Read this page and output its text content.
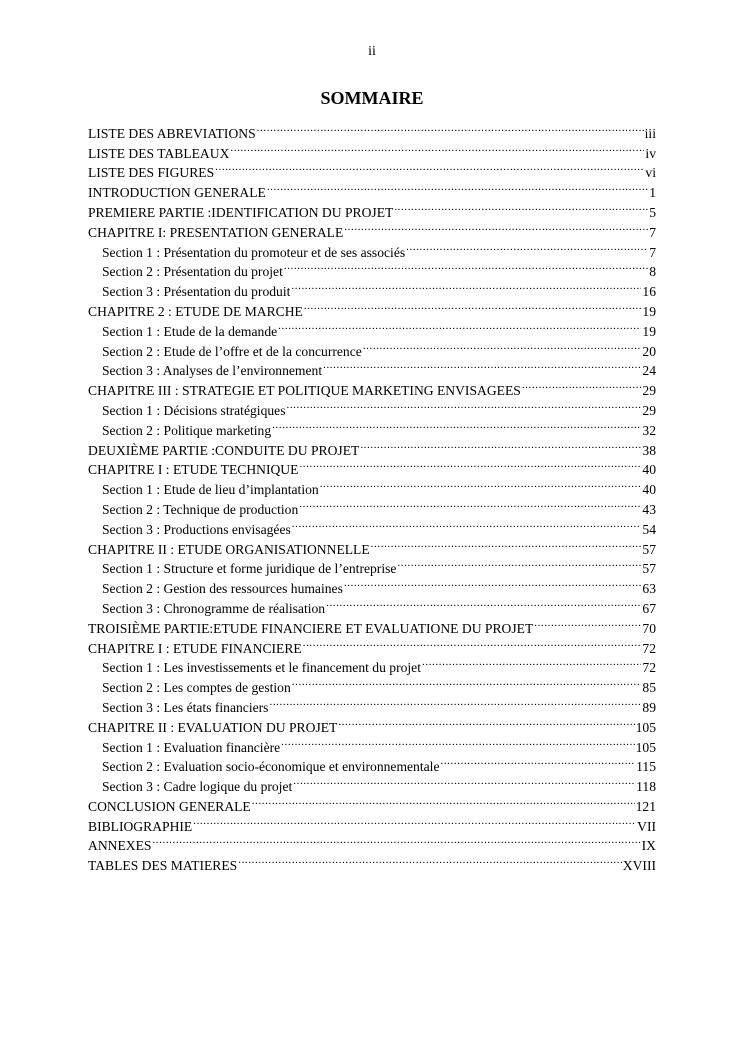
ii
SOMMAIRE
LISTE DES ABREVIATIONS .....	iii
LISTE DES TABLEAUX .....	iv
LISTE DES FIGURES .....	vi
INTRODUCTION GENERALE .....	1
PREMIERE PARTIE :IDENTIFICATION DU PROJET .....	5
CHAPITRE I: PRESENTATION GENERALE .....	7
Section 1 : Présentation du promoteur et de ses associés .....	7
Section 2 : Présentation du projet .....	8
Section 3 : Présentation du produit .....	16
CHAPITRE 2 : ETUDE DE MARCHE .....	19
Section 1 : Etude de la demande .....	19
Section 2 : Etude de l’offre et de la concurrence .....	20
Section 3 : Analyses de l’environnement .....	24
CHAPITRE III : STRATEGIE ET POLITIQUE MARKETING ENVISAGEES .....	29
Section 1 : Décisions stratégiques .....	29
Section 2 : Politique marketing .....	32
DEUXIÈME PARTIE :CONDUITE DU PROJET .....	38
CHAPITRE I : ETUDE TECHNIQUE .....	40
Section 1 : Etude de lieu d’implantation .....	40
Section 2 : Technique de production .....	43
Section 3 : Productions envisagées .....	54
CHAPITRE II : ETUDE ORGANISATIONNELLE .....	57
Section 1 : Structure et forme juridique de l’entreprise .....	57
Section 2 : Gestion des ressources humaines .....	63
Section 3 : Chronogramme de réalisation .....	67
TROISIÈME PARTIE:ETUDE FINANCIERE ET EVALUATIONE DU PROJET .....	70
CHAPITRE I : ETUDE FINANCIERE .....	72
Section 1 : Les investissements et le financement du projet .....	72
Section 2 : Les comptes de gestion .....	85
Section 3 : Les états financiers .....	89
CHAPITRE II : EVALUATION DU PROJET .....	105
Section 1 : Evaluation financière .....	105
Section 2 : Evaluation socio-économique et environnementale .....	115
Section 3 : Cadre logique du projet .....	118
CONCLUSION GENERALE .....	121
BIBLIOGRAPHIE .....	VII
ANNEXES .....	IX
TABLES DES MATIERES .....	XVIII
